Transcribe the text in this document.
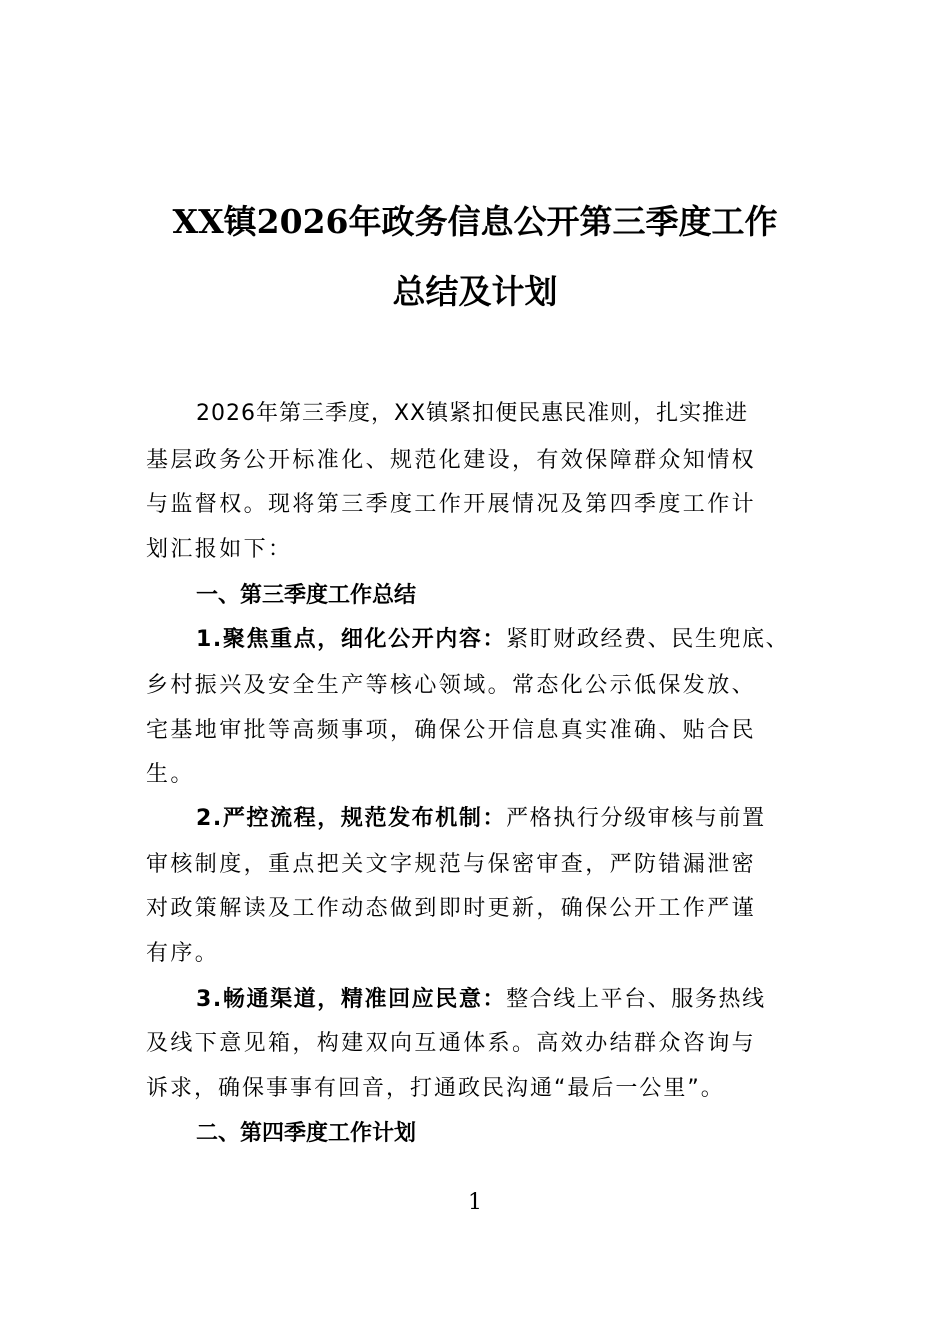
XX镇2026年政务信息公开第三季度工作
总结及计划
2026年第三季度，XX镇紧扣便民惠民准则，扎实推进
基层政务公开标准化、规范化建设，有效保障群众知情权
与监督权。现将第三季度工作开展情况及第四季度工作计
划汇报如下：
一、第三季度工作总结
1.聚焦重点，细化公开内容：紧盯财政经费、民生兜底、
乡村振兴及安全生产等核心领域。常态化公示低保发放、
宅基地审批等高频事项，确保公开信息真实准确、贴合民
生。
2.严控流程，规范发布机制：严格执行分级审核与前置
审核制度，重点把关文字规范与保密审查，严防错漏泄密
对政策解读及工作动态做到即时更新，确保公开工作严谨
有序。
3.畅通渠道，精准回应民意：整合线上平台、服务热线
及线下意见箱，构建双向互通体系。高效办结群众咨询与
诉求，确保事事有回音，打通政民沟通“最后一公里”。
二、第四季度工作计划
1
